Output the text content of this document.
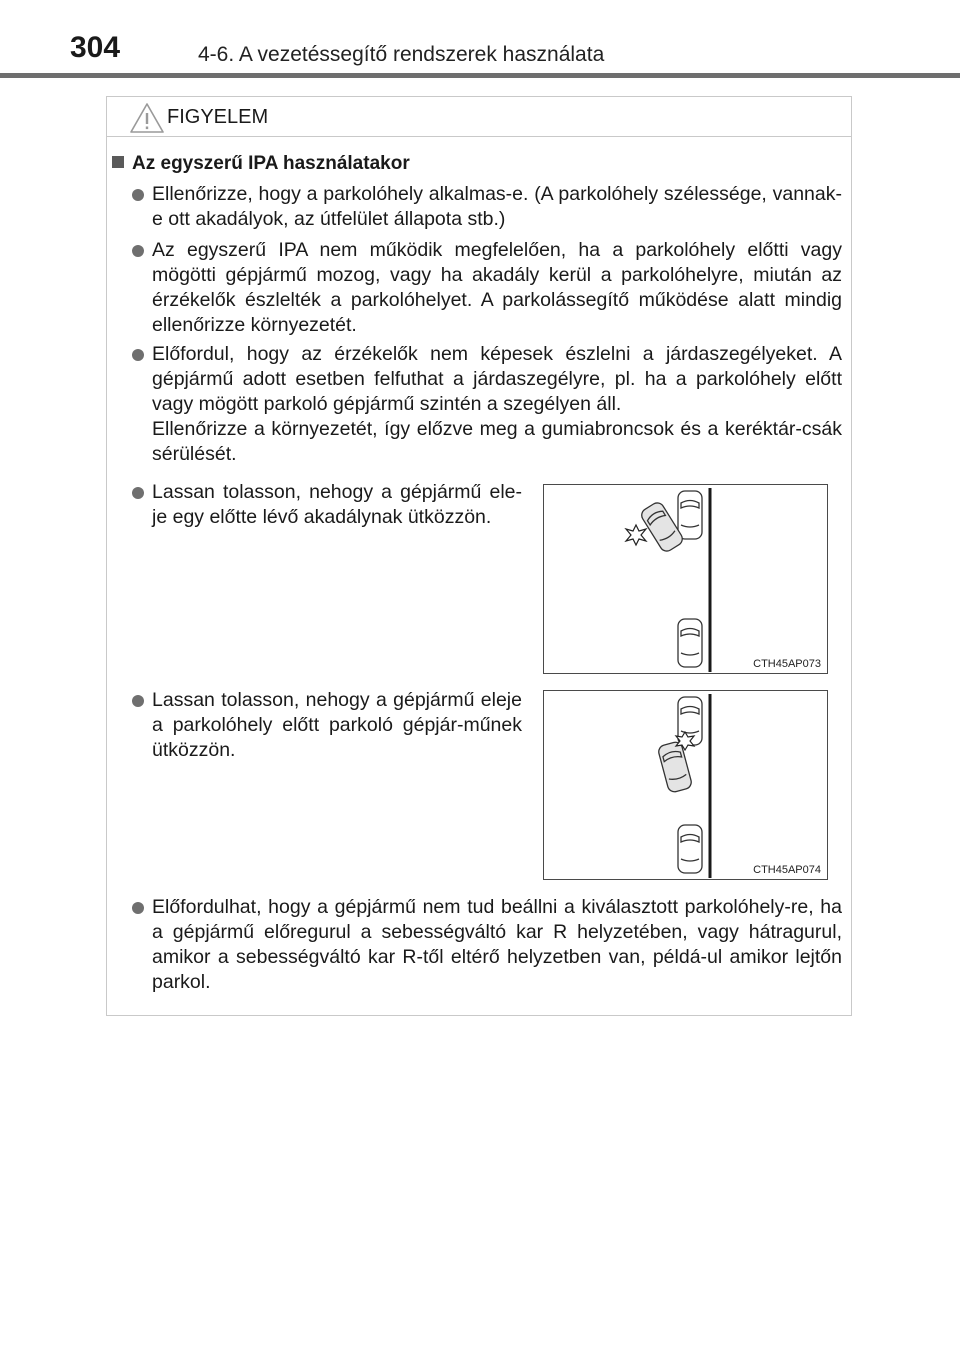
304	4-6. A vezetéssegítő rendszerek használata
FIGYELEM
Az egyszerű IPA használatakor
Ellenőrizze, hogy a parkolóhely alkalmas-e. (A parkolóhely szélessége, vannak-e ott akadályok, az útfelület állapota stb.)
Az egyszerű IPA nem működik megfelelően, ha a parkolóhely előtti vagy mögötti gépjármű mozog, vagy ha akadály kerül a parkolóhelyre, miután az érzékelők észlelték a parkolóhelyet. A parkolássegítő működése alatt mindig ellenőrizze környezetét.
Előfordul, hogy az érzékelők nem képesek észlelni a járdaszegélyeket. A gépjármű adott esetben felfuthat a járdaszegélyre, pl. ha a parkolóhely előtt vagy mögött parkoló gépjármű szintén a szegélyen áll.
Ellenőrizze a környezetét, így előzve meg a gumiabroncsok és a keréktár-csák sérülését.
Lassan tolasson, nehogy a gépjármű ele-je egy előtte lévő akadálynak ütközzön.
Lassan tolasson, nehogy a gépjármű eleje a parkolóhely előtt parkoló gépjár-műnek ütközzön.
Előfordulhat, hogy a gépjármű nem tud beállni a kiválasztott parkolóhely-re, ha a gépjármű előregurul a sebességváltó kar R helyzetében, vagy hátragurul, amikor a sebességváltó kar R-től eltérő helyzetben van, példá-ul amikor lejtőn parkol.
CTH45AP073
CTH45AP074
